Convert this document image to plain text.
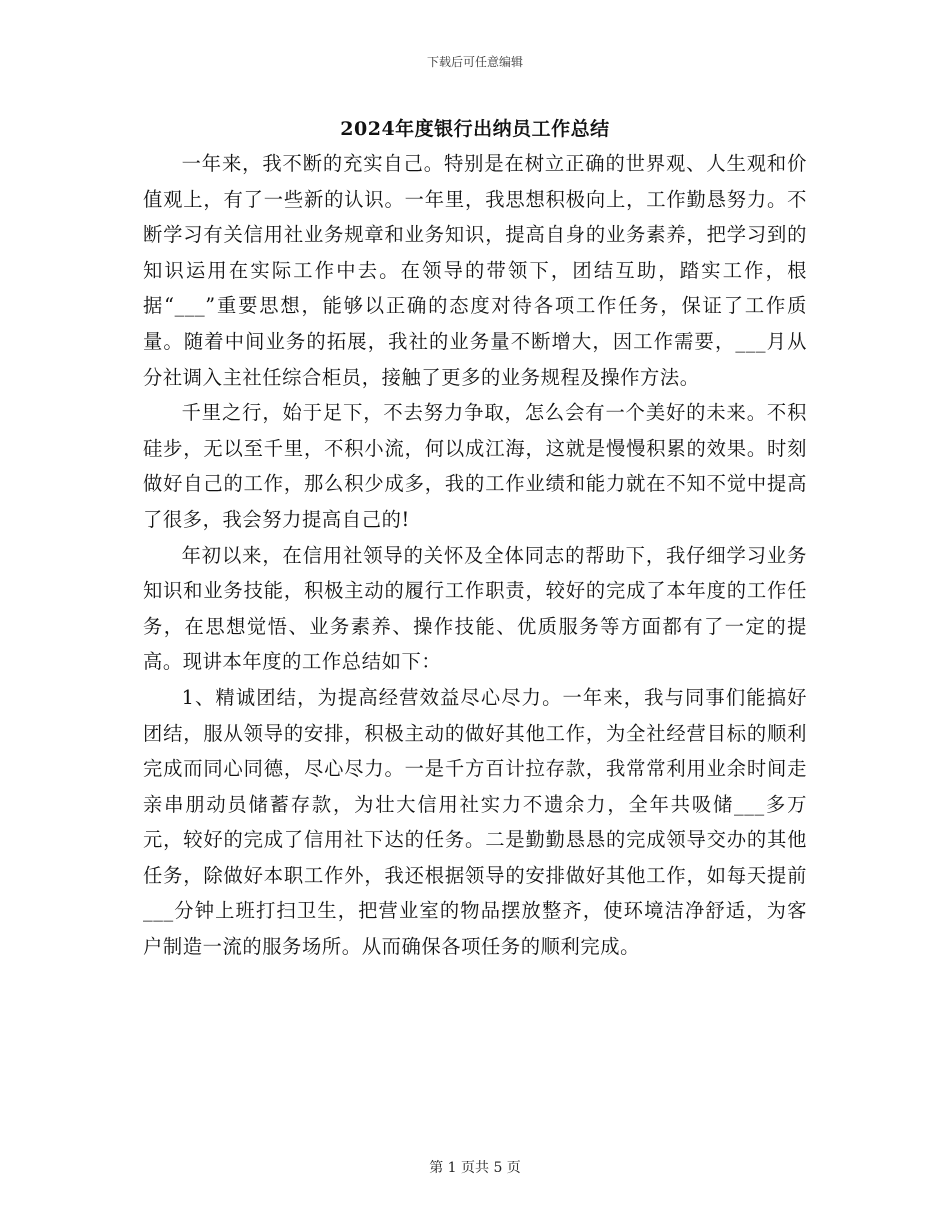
下载后可任意编辑
2024年度银行出纳员工作总结

一年来，我不断的充实自己。特别是在树立正确的世界观、人生观和价值观上，有了一些新的认识。一年里，我思想积极向上，工作勤恳努力。不断学习有关信用社业务规章和业务知识，提高自身的业务素养，把学习到的知识运用在实际工作中去。在领导的带领下，团结互助，踏实工作，根据“___”重要思想，能够以正确的态度对待各项工作任务，保证了工作质量。随着中间业务的拓展，我社的业务量不断增大，因工作需要，___月从分社调入主社任综合柜员，接触了更多的业务规程及操作方法。

千里之行，始于足下，不去努力争取，怎么会有一个美好的未来。不积硅步，无以至千里，不积小流，何以成江海，这就是慢慢积累的效果。时刻做好自己的工作，那么积少成多，我的工作业绩和能力就在不知不觉中提高了很多，我会努力提高自己的!

年初以来，在信用社领导的关怀及全体同志的帮助下，我仔细学习业务知识和业务技能，积极主动的履行工作职责，较好的完成了本年度的工作任务，在思想觉悟、业务素养、操作技能、优质服务等方面都有了一定的提高。现讲本年度的工作总结如下：

1、精诚团结，为提高经营效益尽心尽力。一年来，我与同事们能搞好团结，服从领导的安排，积极主动的做好其他工作，为全社经营目标的顺利完成而同心同德，尽心尽力。一是千方百计拉存款，我常常利用业余时间走亲串朋动员储蓄存款，为壮大信用社实力不遗余力，全年共吸储___多万元，较好的完成了信用社下达的任务。二是勤勤恳恳的完成领导交办的其他任务，除做好本职工作外，我还根据领导的安排做好其他工作，如每天提前___分钟上班打扫卫生，把营业室的物品摆放整齐，使环境洁净舒适，为客户制造一流的服务场所。从而确保各项任务的顺利完成。

第 1 页共 5 页
